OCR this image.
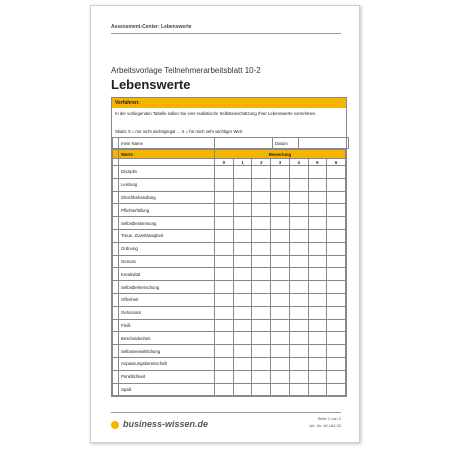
Assessment-Center: Lebenswerte
Arbeitsvorlage Teilnehmerarbeitsblatt 10-2
Lebenswerte
Verfahren:
In der vorliegenden Tabelle sollen Sie eine realistische Selbsteinschätzung Ihrer Lebenswerte vornehmen.
Skala: 0 = mir nicht wichtig/egal … 6 = für mich sehr wichtiger Wert
	mein Name		Datum	
	Werte	Bewertung						
		0	1	2	3	4	5	6
	Disziplin							
	Leistung							
	Gleichbehandlung							
	Pflichterfüllung							
	Selbstbestimmung							
	Treue, Zuverlässigkeit							
	Ordnung							
	Genuss							
	Kreativität							
	Selbstbeherrschung							
	Offenheit							
	Gehorsam							
	Fleiß							
	Bescheidenheit							
	Selbstverwirklichung							
	Anpassungsbereitschaft							
	Pünktlichkeit							
	Spaß							
business-wissen.de
Seite 1 von 2
Art.-Nr. 06.166.32
